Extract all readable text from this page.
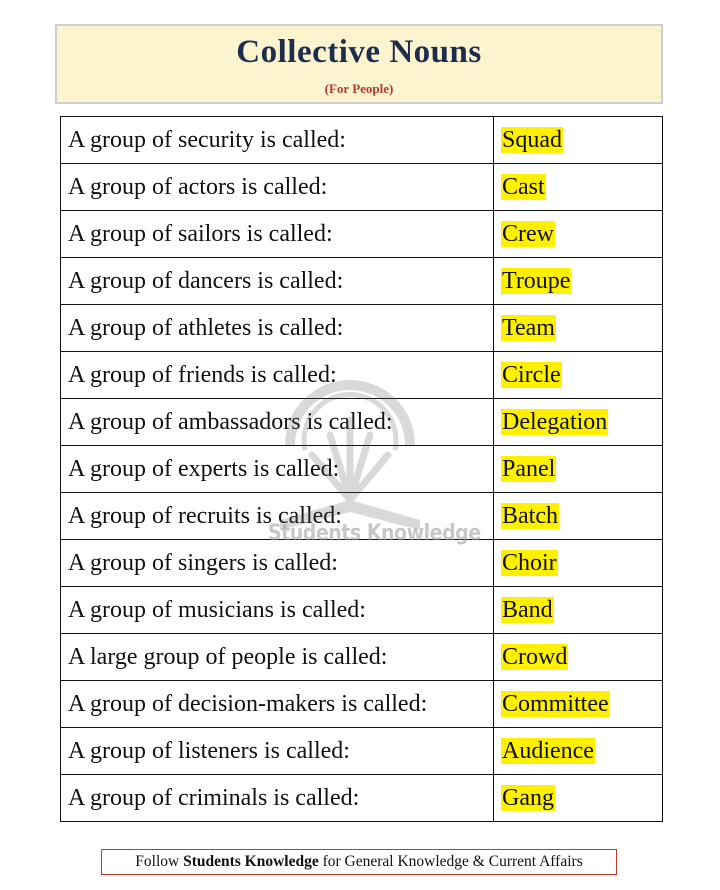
Collective Nouns
(For People)
A group of security is called:	Squad
A group of actors is called:	Cast
A group of sailors is called:	Crew
A group of dancers is called:	Troupe
A group of athletes is called:	Team
A group of friends is called:	Circle
A group of ambassadors is called:	Delegation
A group of experts is called:	Panel
A group of recruits is called:	Batch
A group of singers is called:	Choir
A group of musicians is called:	Band
A large group of people is called:	Crowd
A group of decision-makers is called:	Committee
A group of listeners is called:	Audience
A group of criminals is called:	Gang
Students Knowledge
Follow Students Knowledge for General Knowledge & Current Affairs
